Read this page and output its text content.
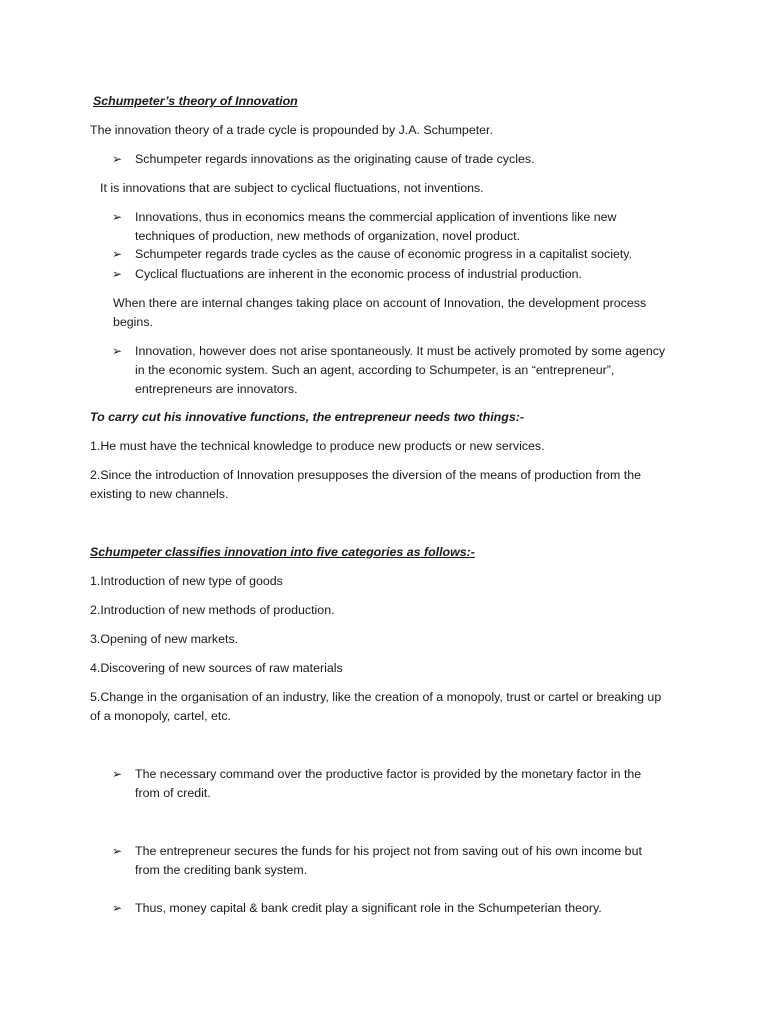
Schumpeter’s theory of Innovation

The innovation theory of a trade cycle is propounded by J.A. Schumpeter.

➢	Schumpeter regards innovations as the originating cause of trade cycles.

It is innovations that are subject to cyclical fluctuations, not inventions.

➢	Innovations, thus in economics means the commercial application of inventions like new

techniques of production, new methods of organization, novel product.

➢	Schumpeter regards trade cycles as the cause of economic progress in a capitalist society.

➢	Cyclical fluctuations are inherent in the economic process of industrial production.

When there are internal changes taking place on account of Innovation, the development process

begins.

➢	Innovation, however does not arise spontaneously. It must be actively promoted by some agency

in the economic system. Such an agent, according to Schumpeter, is an “entrepreneur”,

entrepreneurs are innovators.

To carry cut his innovative functions, the entrepreneur needs two things:-

1.He must have the technical knowledge to produce new products or new services.

2.Since the introduction of Innovation presupposes the diversion of the means of production from the

existing to new channels.

Schumpeter classifies innovation into five categories as follows:-

1.Introduction of new type of goods

2.Introduction of new methods of production.

3.Opening of new markets.

4.Discovering of new sources of raw materials

5.Change in the organisation of an industry, like the creation of a monopoly, trust or cartel or breaking up

of a monopoly, cartel, etc.

➢	The necessary command over the productive factor is provided by the monetary factor in the

from of credit.

➢	The entrepreneur secures the funds for his project not from saving out of his own income but

from the crediting bank system.

➢	Thus, money capital & bank credit play a significant role in the Schumpeterian theory.
